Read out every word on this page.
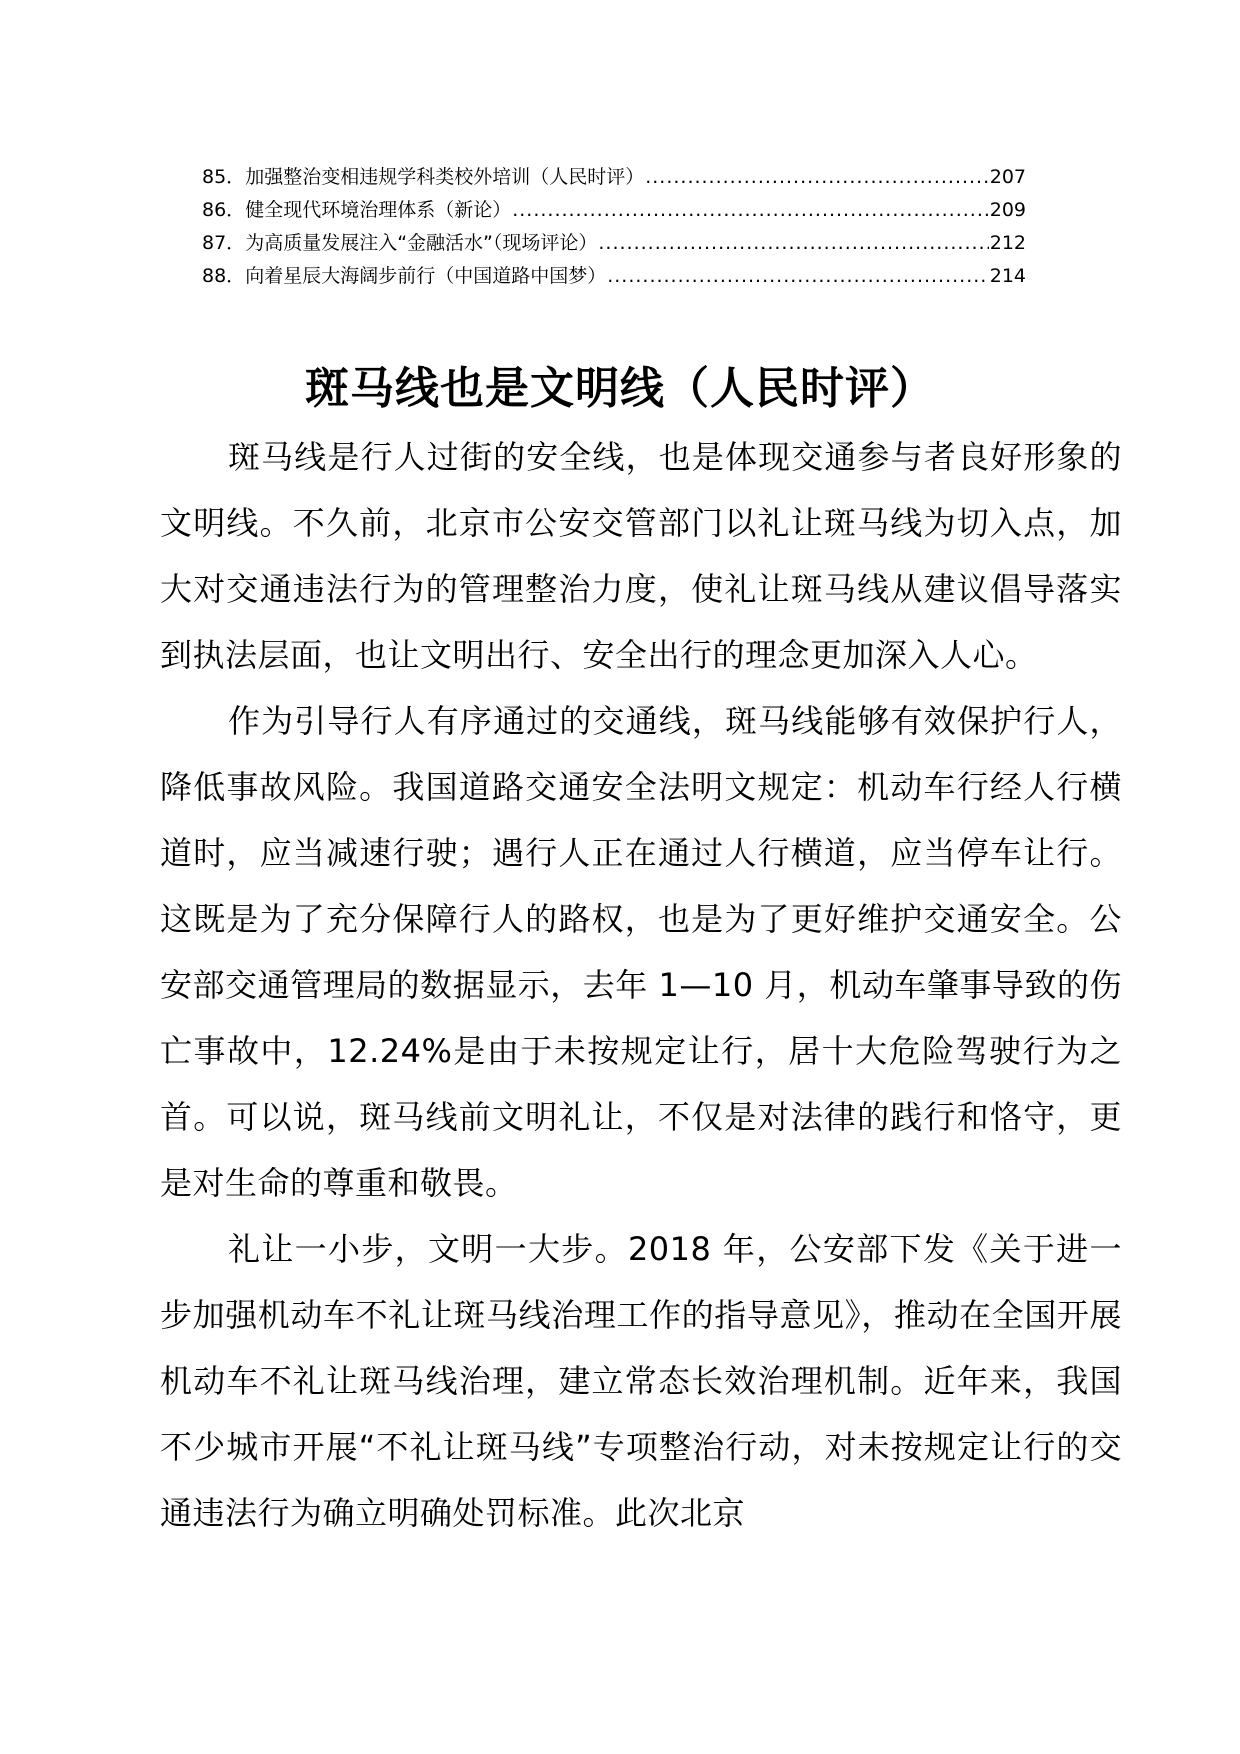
85． 加强整治变相违规学科类校外培训（人民时评） .....	207
86． 健全现代环境治理体系（新论） .....	209
87． 为高质量发展注入“金融活水”（现场评论） .....	212
88． 向着星辰大海阔步前行（中国道路中国梦） .....	214
斑马线也是文明线（人民时评）

斑马线是行人过街的安全线，也是体现交通参与者良好形象的文明线。不久前，北京市公安交管部门以礼让斑马线为切入点，加大对交通违法行为的管理整治力度，使礼让斑马线从建议倡导落实到执法层面，也让文明出行、安全出行的理念更加深入人心。

作为引导行人有序通过的交通线，斑马线能够有效保护行人，降低事故风险。我国道路交通安全法明文规定：机动车行经人行横道时，应当减速行驶；遇行人正在通过人行横道，应当停车让行。这既是为了充分保障行人的路权，也是为了更好维护交通安全。公安部交通管理局的数据显示，去年 1—10 月，机动车肇事导致的伤亡事故中，12.24%是由于未按规定让行，居十大危险驾驶行为之首。可以说，斑马线前文明礼让，不仅是对法律的践行和恪守，更是对生命的尊重和敬畏。

礼让一小步，文明一大步。2018 年，公安部下发《关于进一步加强机动车不礼让斑马线治理工作的指导意见》，推动在全国开展机动车不礼让斑马线治理，建立常态长效治理机制。近年来，我国不少城市开展“不礼让斑马线”专项整治行动，对未按规定让行的交通违法行为确立明确处罚标准。此次北京
